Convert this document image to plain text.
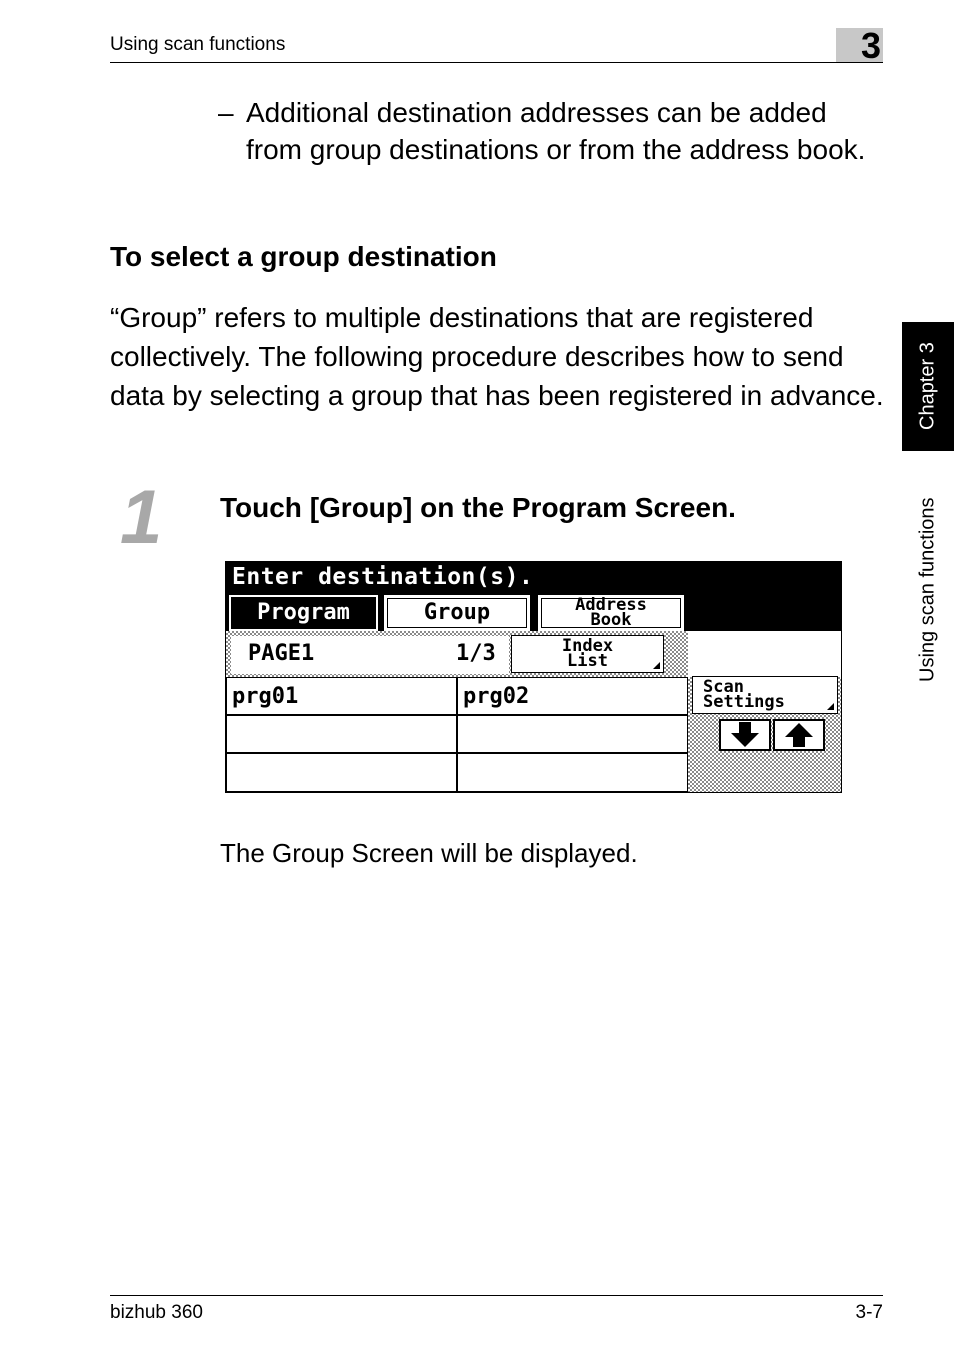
Using scan functions	3
Chapter 3
Using scan functions
– Additional destination addresses can be added from group destinations or from the address book.
To select a group destination
“Group” refers to multiple destinations that are registered collectively. The following procedure describes how to send data by selecting a group that has been registered in advance.
1 Touch [Group] on the Program Screen.
Enter destination(s).
Program	Group	Address
Book
PAGE1	1/3	Index
List
Scan
Settings
prg01	prg02
The Group Screen will be displayed.
bizhub 360	3-7
